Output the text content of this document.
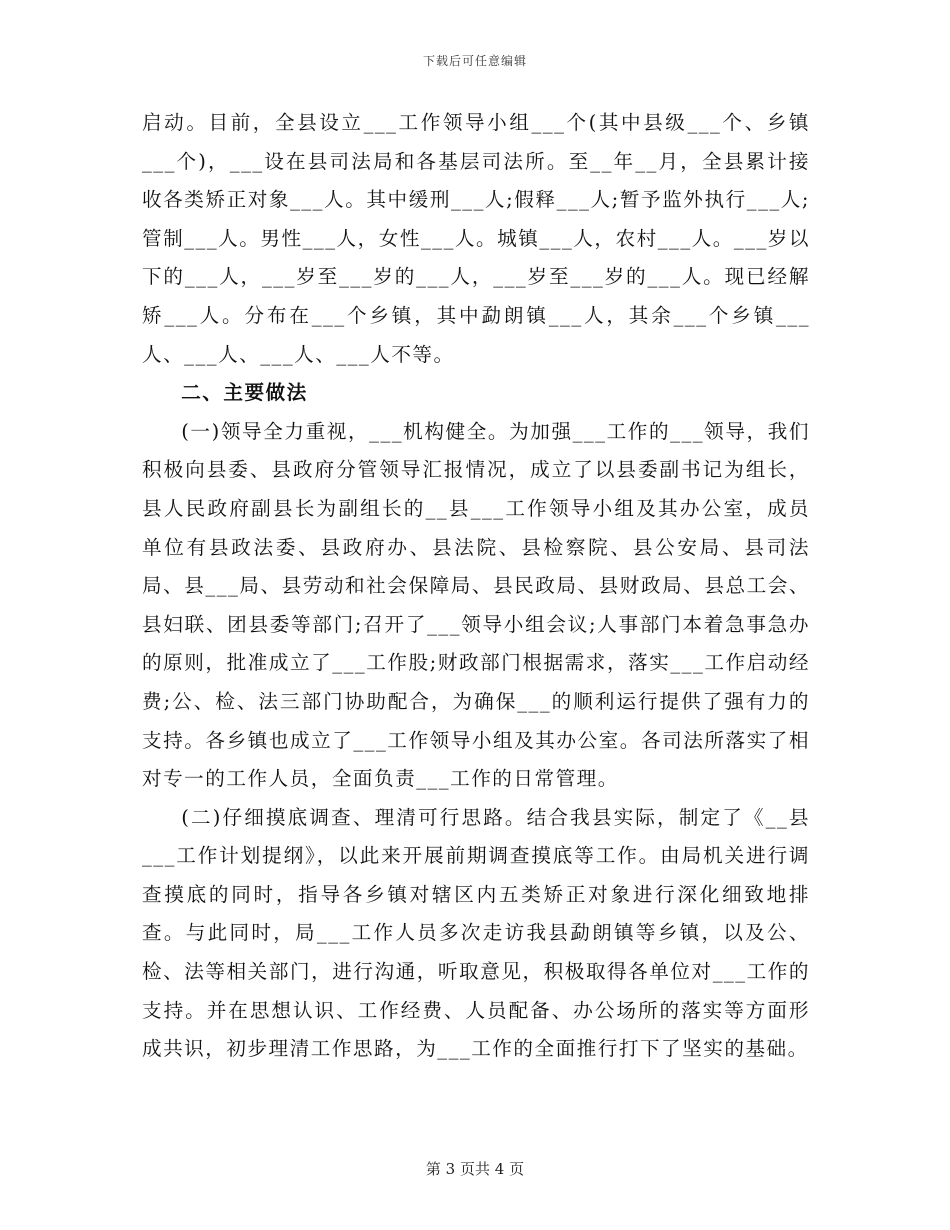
下载后可任意编辑

启动。目前，全县设立___工作领导小组___个(其中县级___个、乡镇___个)，___设在县司法局和各基层司法所。至__年__月，全县累计接收各类矫正对象___人。其中缓刑___人;假释___人;暂予监外执行___人;管制___人。男性___人，女性___人。城镇___人，农村___人。___岁以下的___人，___岁至___岁的___人，___岁至___岁的___人。现已经解矫___人。分布在___个乡镇，其中勐朗镇___人，其余___个乡镇___人、___人、___人、___人不等。

二、主要做法

(一)领导全力重视，___机构健全。为加强___工作的___领导，我们积极向县委、县政府分管领导汇报情况，成立了以县委副书记为组长，县人民政府副县长为副组长的__县___工作领导小组及其办公室，成员单位有县政法委、县政府办、县法院、县检察院、县公安局、县司法局、县___局、县劳动和社会保障局、县民政局、县财政局、县总工会、县妇联、团县委等部门;召开了___领导小组会议;人事部门本着急事急办的原则，批准成立了___工作股;财政部门根据需求，落实___工作启动经费;公、检、法三部门协助配合，为确保___的顺利运行提供了强有力的支持。各乡镇也成立了___工作领导小组及其办公室。各司法所落实了相对专一的工作人员，全面负责___工作的日常管理。

(二)仔细摸底调查、理清可行思路。结合我县实际，制定了《__县___工作计划提纲》，以此来开展前期调查摸底等工作。由局机关进行调查摸底的同时，指导各乡镇对辖区内五类矫正对象进行深化细致地排查。与此同时，局___工作人员多次走访我县勐朗镇等乡镇，以及公、检、法等相关部门，进行沟通，听取意见，积极取得各单位对___工作的支持。并在思想认识、工作经费、人员配备、办公场所的落实等方面形成共识，初步理清工作思路，为___工作的全面推行打下了坚实的基础。

第 3 页共 4 页
